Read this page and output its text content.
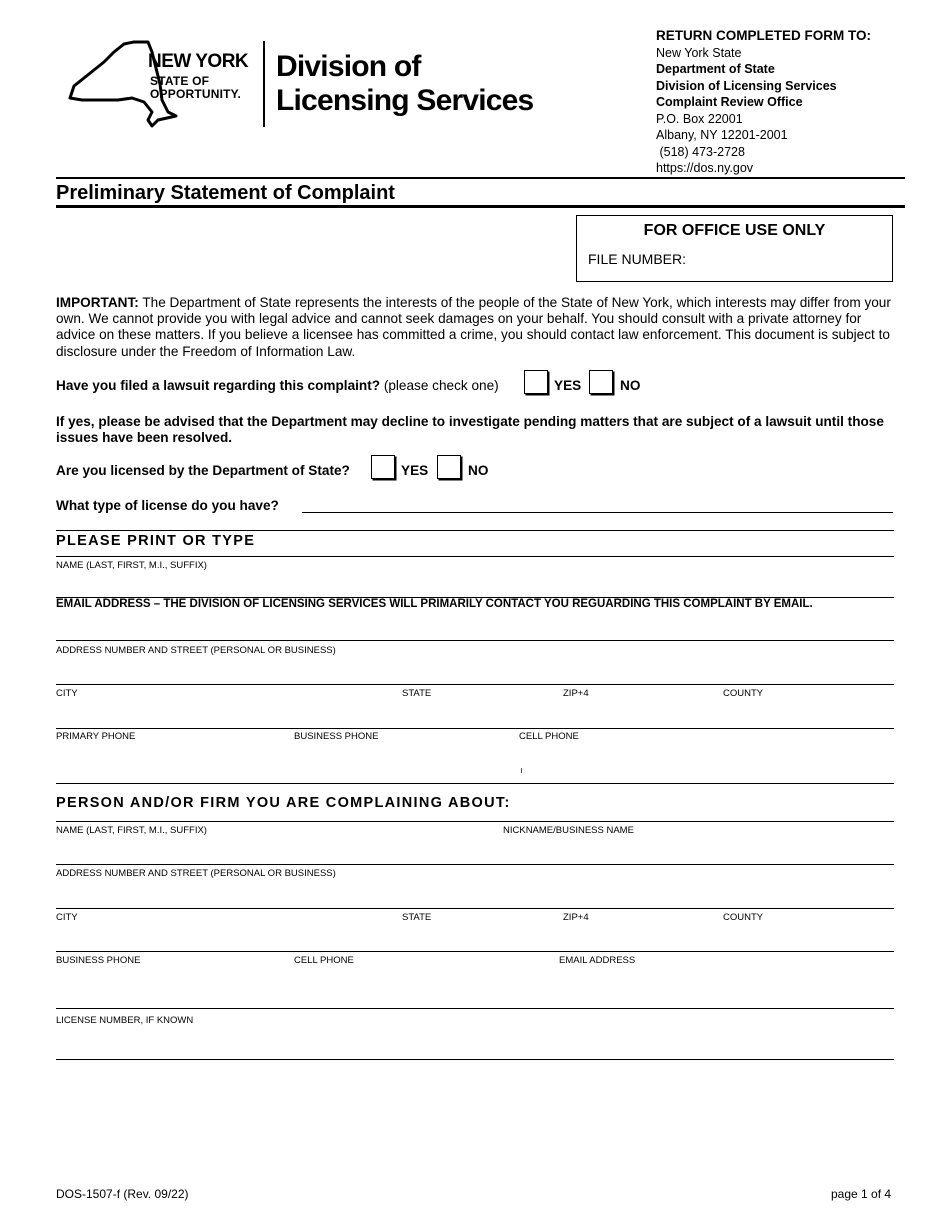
NEW YORK
STATE OF
OPPORTUNITY.
Division of
Licensing Services
RETURN COMPLETED FORM TO:
New York State
Department of State
Division of Licensing Services
Complaint Review Office
P.O. Box 22001
Albany, NY 12201-2001
(518) 473-2728
https://dos.ny.gov
Preliminary Statement of Complaint
FOR OFFICE USE ONLY
FILE NUMBER:
IMPORTANT: The Department of State represents the interests of the people of the State of New York, which interests may differ from your own. We cannot provide you with legal advice and cannot seek damages on your behalf. You should consult with a private attorney for advice on these matters. If you believe a licensee has committed a crime, you should contact law enforcement. This document is subject to disclosure under the Freedom of Information Law.
Have you filed a lawsuit regarding this complaint? (please check one)	YES	NO
If yes, please be advised that the Department may decline to investigate pending matters that are subject of a lawsuit until those issues have been resolved.
Are you licensed by the Department of State?	YES	NO
What type of license do you have?
PLEASE PRINT OR TYPE
NAME (LAST, FIRST, M.I., SUFFIX)
EMAIL ADDRESS – THE DIVISION OF LICENSING SERVICES WILL PRIMARILY CONTACT YOU REGUARDING THIS COMPLAINT BY EMAIL.
ADDRESS NUMBER AND STREET (PERSONAL OR BUSINESS)
CITY	STATE	ZIP+4	COUNTY
PRIMARY PHONE	BUSINESS PHONE	CELL PHONE
PERSON AND/OR FIRM YOU ARE COMPLAINING ABOUT:
NAME (LAST, FIRST, M.I., SUFFIX)	NICKNAME/BUSINESS NAME
ADDRESS NUMBER AND STREET (PERSONAL OR BUSINESS)
CITY	STATE	ZIP+4	COUNTY
BUSINESS PHONE	CELL PHONE	EMAIL ADDRESS
LICENSE NUMBER, IF KNOWN
DOS-1507-f (Rev. 09/22)	page 1 of 4
